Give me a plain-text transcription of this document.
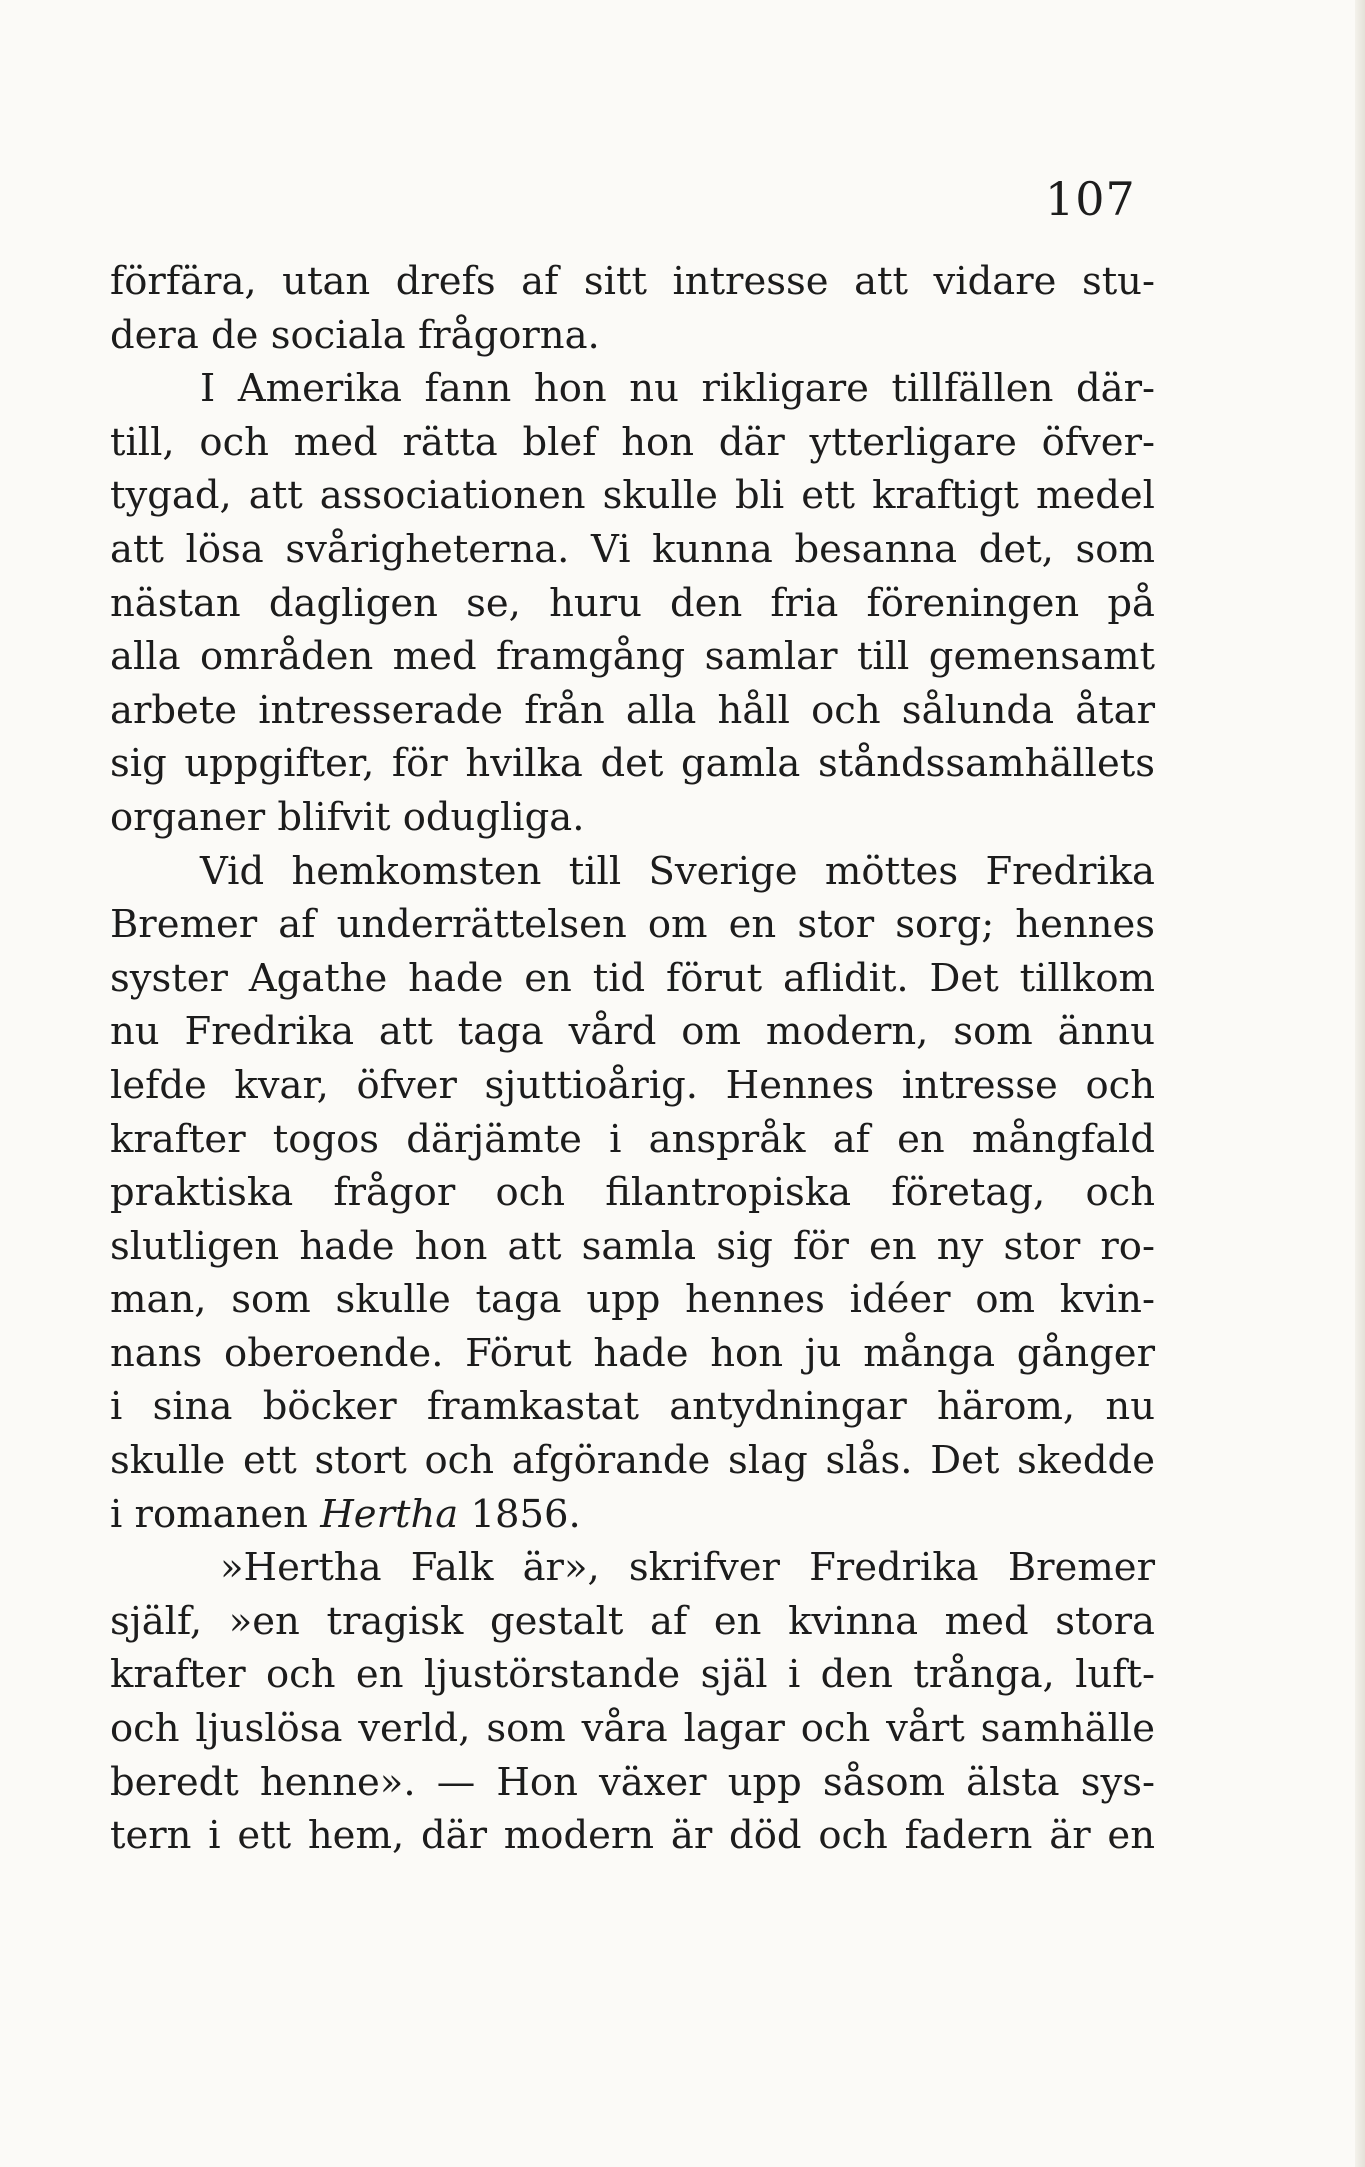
107
förfära, utan drefs af sitt intresse att vidare stu-
dera de sociala frågorna.
I Amerika fann hon nu rikligare tillfällen där-
till, och med rätta blef hon där ytterligare öfver-
tygad, att associationen skulle bli ett kraftigt medel
att lösa svårigheterna. Vi kunna besanna det, som
nästan dagligen se, huru den fria föreningen på
alla områden med framgång samlar till gemensamt
arbete intresserade från alla håll och sålunda åtar
sig uppgifter, för hvilka det gamla ståndssamhällets
organer blifvit odugliga.
Vid hemkomsten till Sverige möttes Fredrika
Bremer af underrättelsen om en stor sorg; hennes
syster Agathe hade en tid förut aflidit. Det tillkom
nu Fredrika att taga vård om modern, som ännu
lefde kvar, öfver sjuttioårig. Hennes intresse och
krafter togos därjämte i anspråk af en mångfald
praktiska frågor och filantropiska företag, och
slutligen hade hon att samla sig för en ny stor ro-
man, som skulle taga upp hennes idéer om kvin-
nans oberoende. Förut hade hon ju många gånger
i sina böcker framkastat antydningar härom, nu
skulle ett stort och afgörande slag slås. Det skedde
i romanen Hertha 1856.
»Hertha Falk är», skrifver Fredrika Bremer
själf, »en tragisk gestalt af en kvinna med stora
krafter och en ljustörstande själ i den trånga, luft-
och ljuslösa verld, som våra lagar och vårt samhälle
beredt henne». — Hon växer upp såsom älsta sys-
tern i ett hem, där modern är död och fadern är en
